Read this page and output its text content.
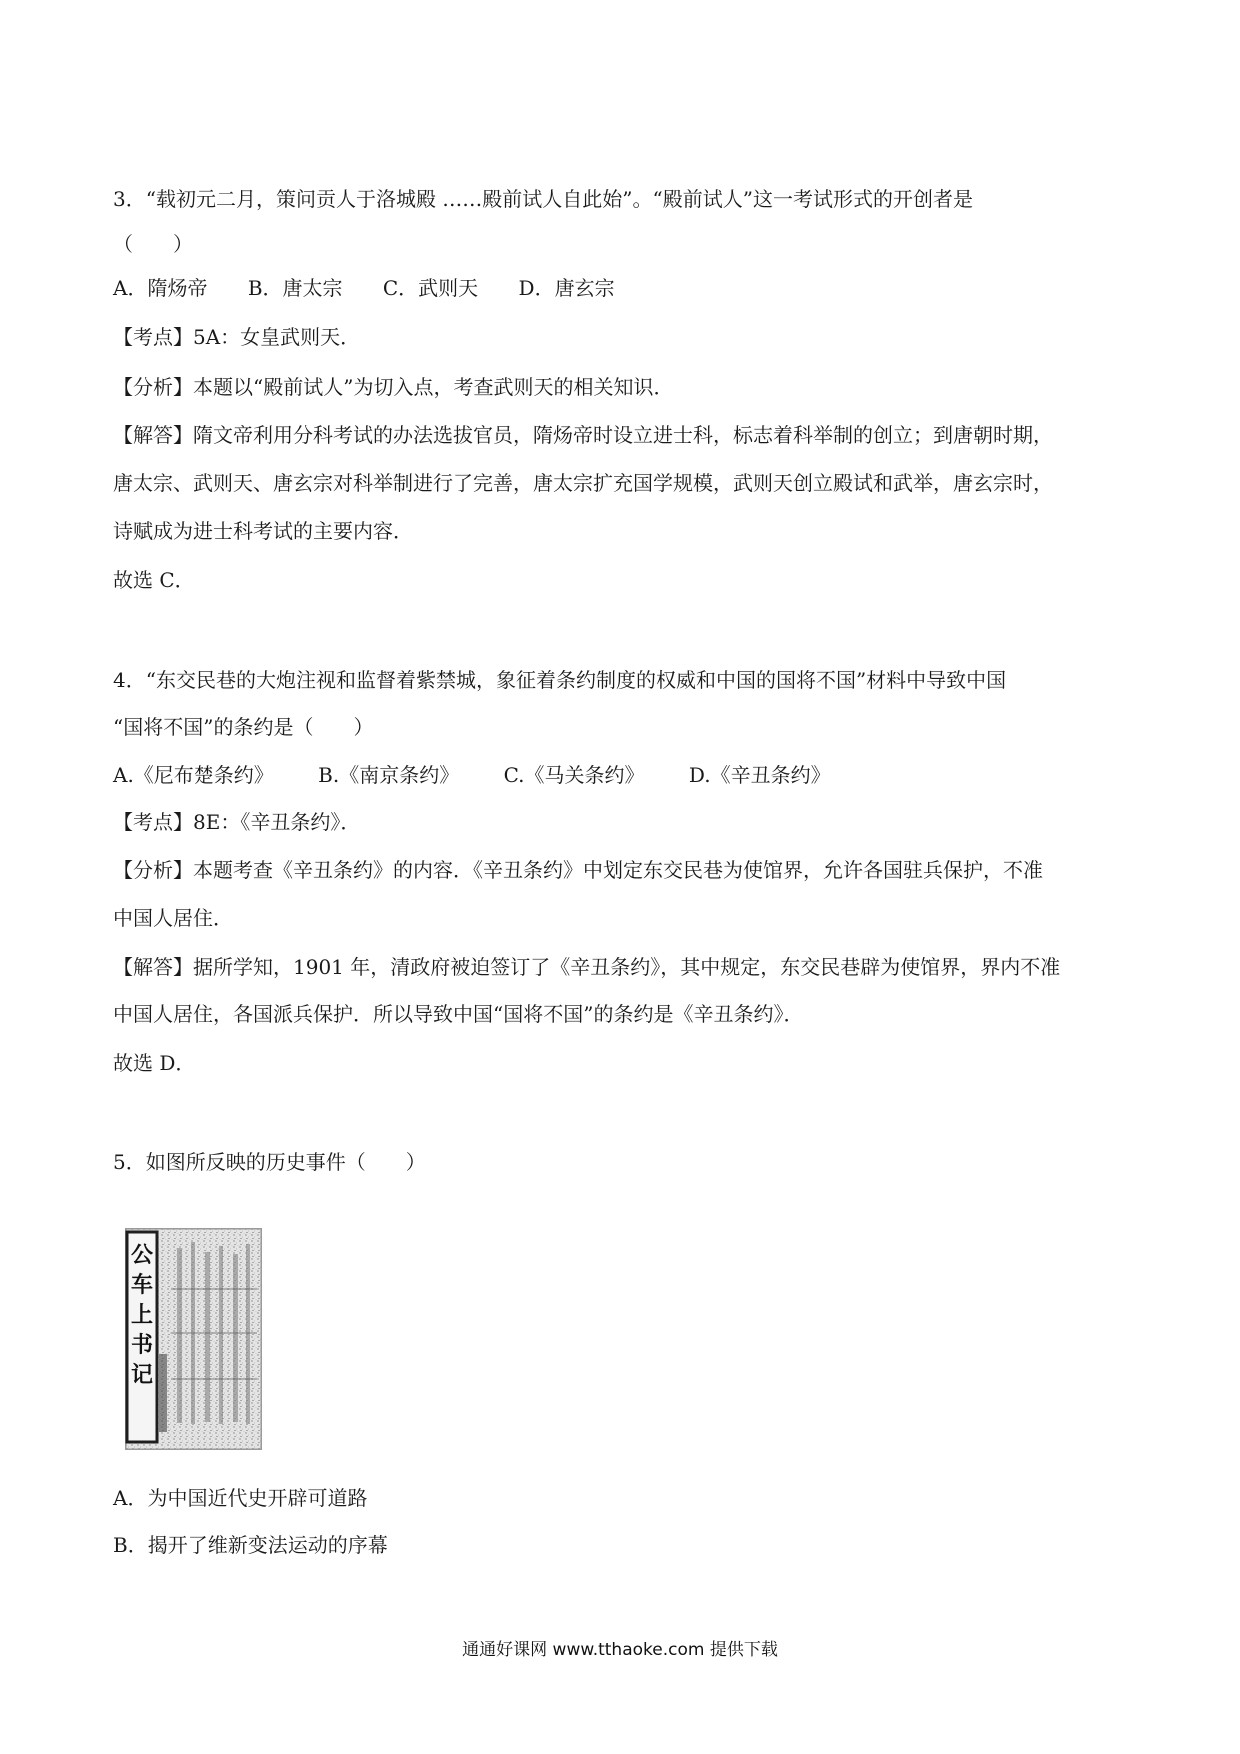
3．“载初元二月，策问贡人于洛城殿 ……殿前试人自此始”。“殿前试人”这一考试形式的开创者是
（　　）
A．隋炀帝 B．唐太宗 C．武则天 D．唐玄宗
【考点】5A：女皇武则天．
【分析】本题以“殿前试人”为切入点，考查武则天的相关知识．
【解答】隋文帝利用分科考试的办法选拔官员，隋炀帝时设立进士科，标志着科举制的创立；到唐朝时期，
唐太宗、武则天、唐玄宗对科举制进行了完善，唐太宗扩充国学规模，武则天创立殿试和武举，唐玄宗时，
诗赋成为进士科考试的主要内容．
故选 C．
4．“东交民巷的大炮注视和监督着紫禁城，象征着条约制度的权威和中国的国将不国”材料中导致中国
“国将不国”的条约是（　　）
A.《尼布楚条约》 B.《南京条约》 C.《马关条约》 D.《辛丑条约》
【考点】8E：《辛丑条约》．
【分析】本题考查《辛丑条约》的内容．《辛丑条约》中划定东交民巷为使馆界，允许各国驻兵保护，不准
中国人居住．
【解答】据所学知，1901 年，清政府被迫签订了《辛丑条约》，其中规定，东交民巷辟为使馆界，界内不准
中国人居住，各国派兵保护．所以导致中国“国将不国”的条约是《辛丑条约》．
故选 D．
5．如图所反映的历史事件（　　）
公
车
上
书
记
A．为中国近代史开辟可道路
B．揭开了维新变法运动的序幕
通通好课网 www.tthaoke.com 提供下载
